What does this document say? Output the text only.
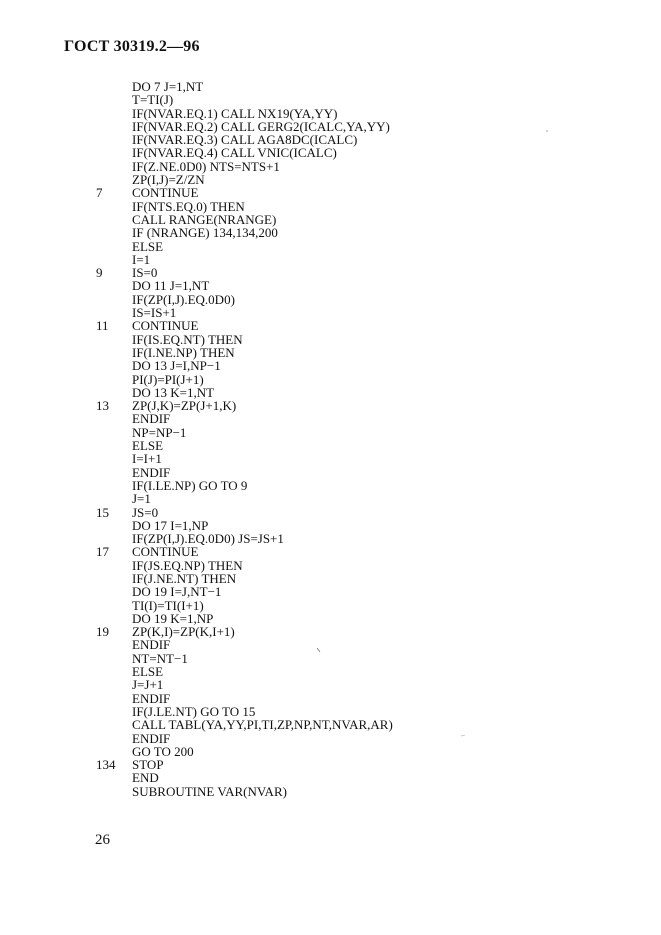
ГОСТ 30319.2—96
DO 7 J=1,NT
T=TI(J)
IF(NVAR.EQ.1) CALL NX19(YA,YY)
IF(NVAR.EQ.2) CALL GERG2(ICALC,YA,YY)
IF(NVAR.EQ.3) CALL AGA8DC(ICALC)
IF(NVAR.EQ.4) CALL VNIC(ICALC)
IF(Z.NE.0D0) NTS=NTS+1
ZP(I,J)=Z/ZN
7	CONTINUE
IF(NTS.EQ.0) THEN
CALL RANGE(NRANGE)
IF (NRANGE) 134,134,200
ELSE
I=1
9	IS=0
DO 11 J=1,NT
IF(ZP(I,J).EQ.0D0)
IS=IS+1
11	CONTINUE
IF(IS.EQ.NT) THEN
IF(I.NE.NP) THEN
DO 13 J=I,NP−1
PI(J)=PI(J+1)
DO 13 K=1,NT
13	ZP(J,K)=ZP(J+1,K)
ENDIF
NP=NP−1
ELSE
I=I+1
ENDIF
IF(I.LE.NP) GO TO 9
J=1
15	JS=0
DO 17 I=1,NP
IF(ZP(I,J).EQ.0D0) JS=JS+1
17	CONTINUE
IF(JS.EQ.NP) THEN
IF(J.NE.NT) THEN
DO 19 I=J,NT−1
TI(I)=TI(I+1)
DO 19 K=1,NP
19	ZP(K,I)=ZP(K,I+1)
ENDIF
NT=NT−1
ELSE
J=J+1
ENDIF
IF(J.LE.NT) GO TO 15
CALL TABL(YA,YY,PI,TI,ZP,NP,NT,NVAR,AR)
ENDIF
GO TO 200
134	STOP
END
SUBROUTINE VAR(NVAR)
26
